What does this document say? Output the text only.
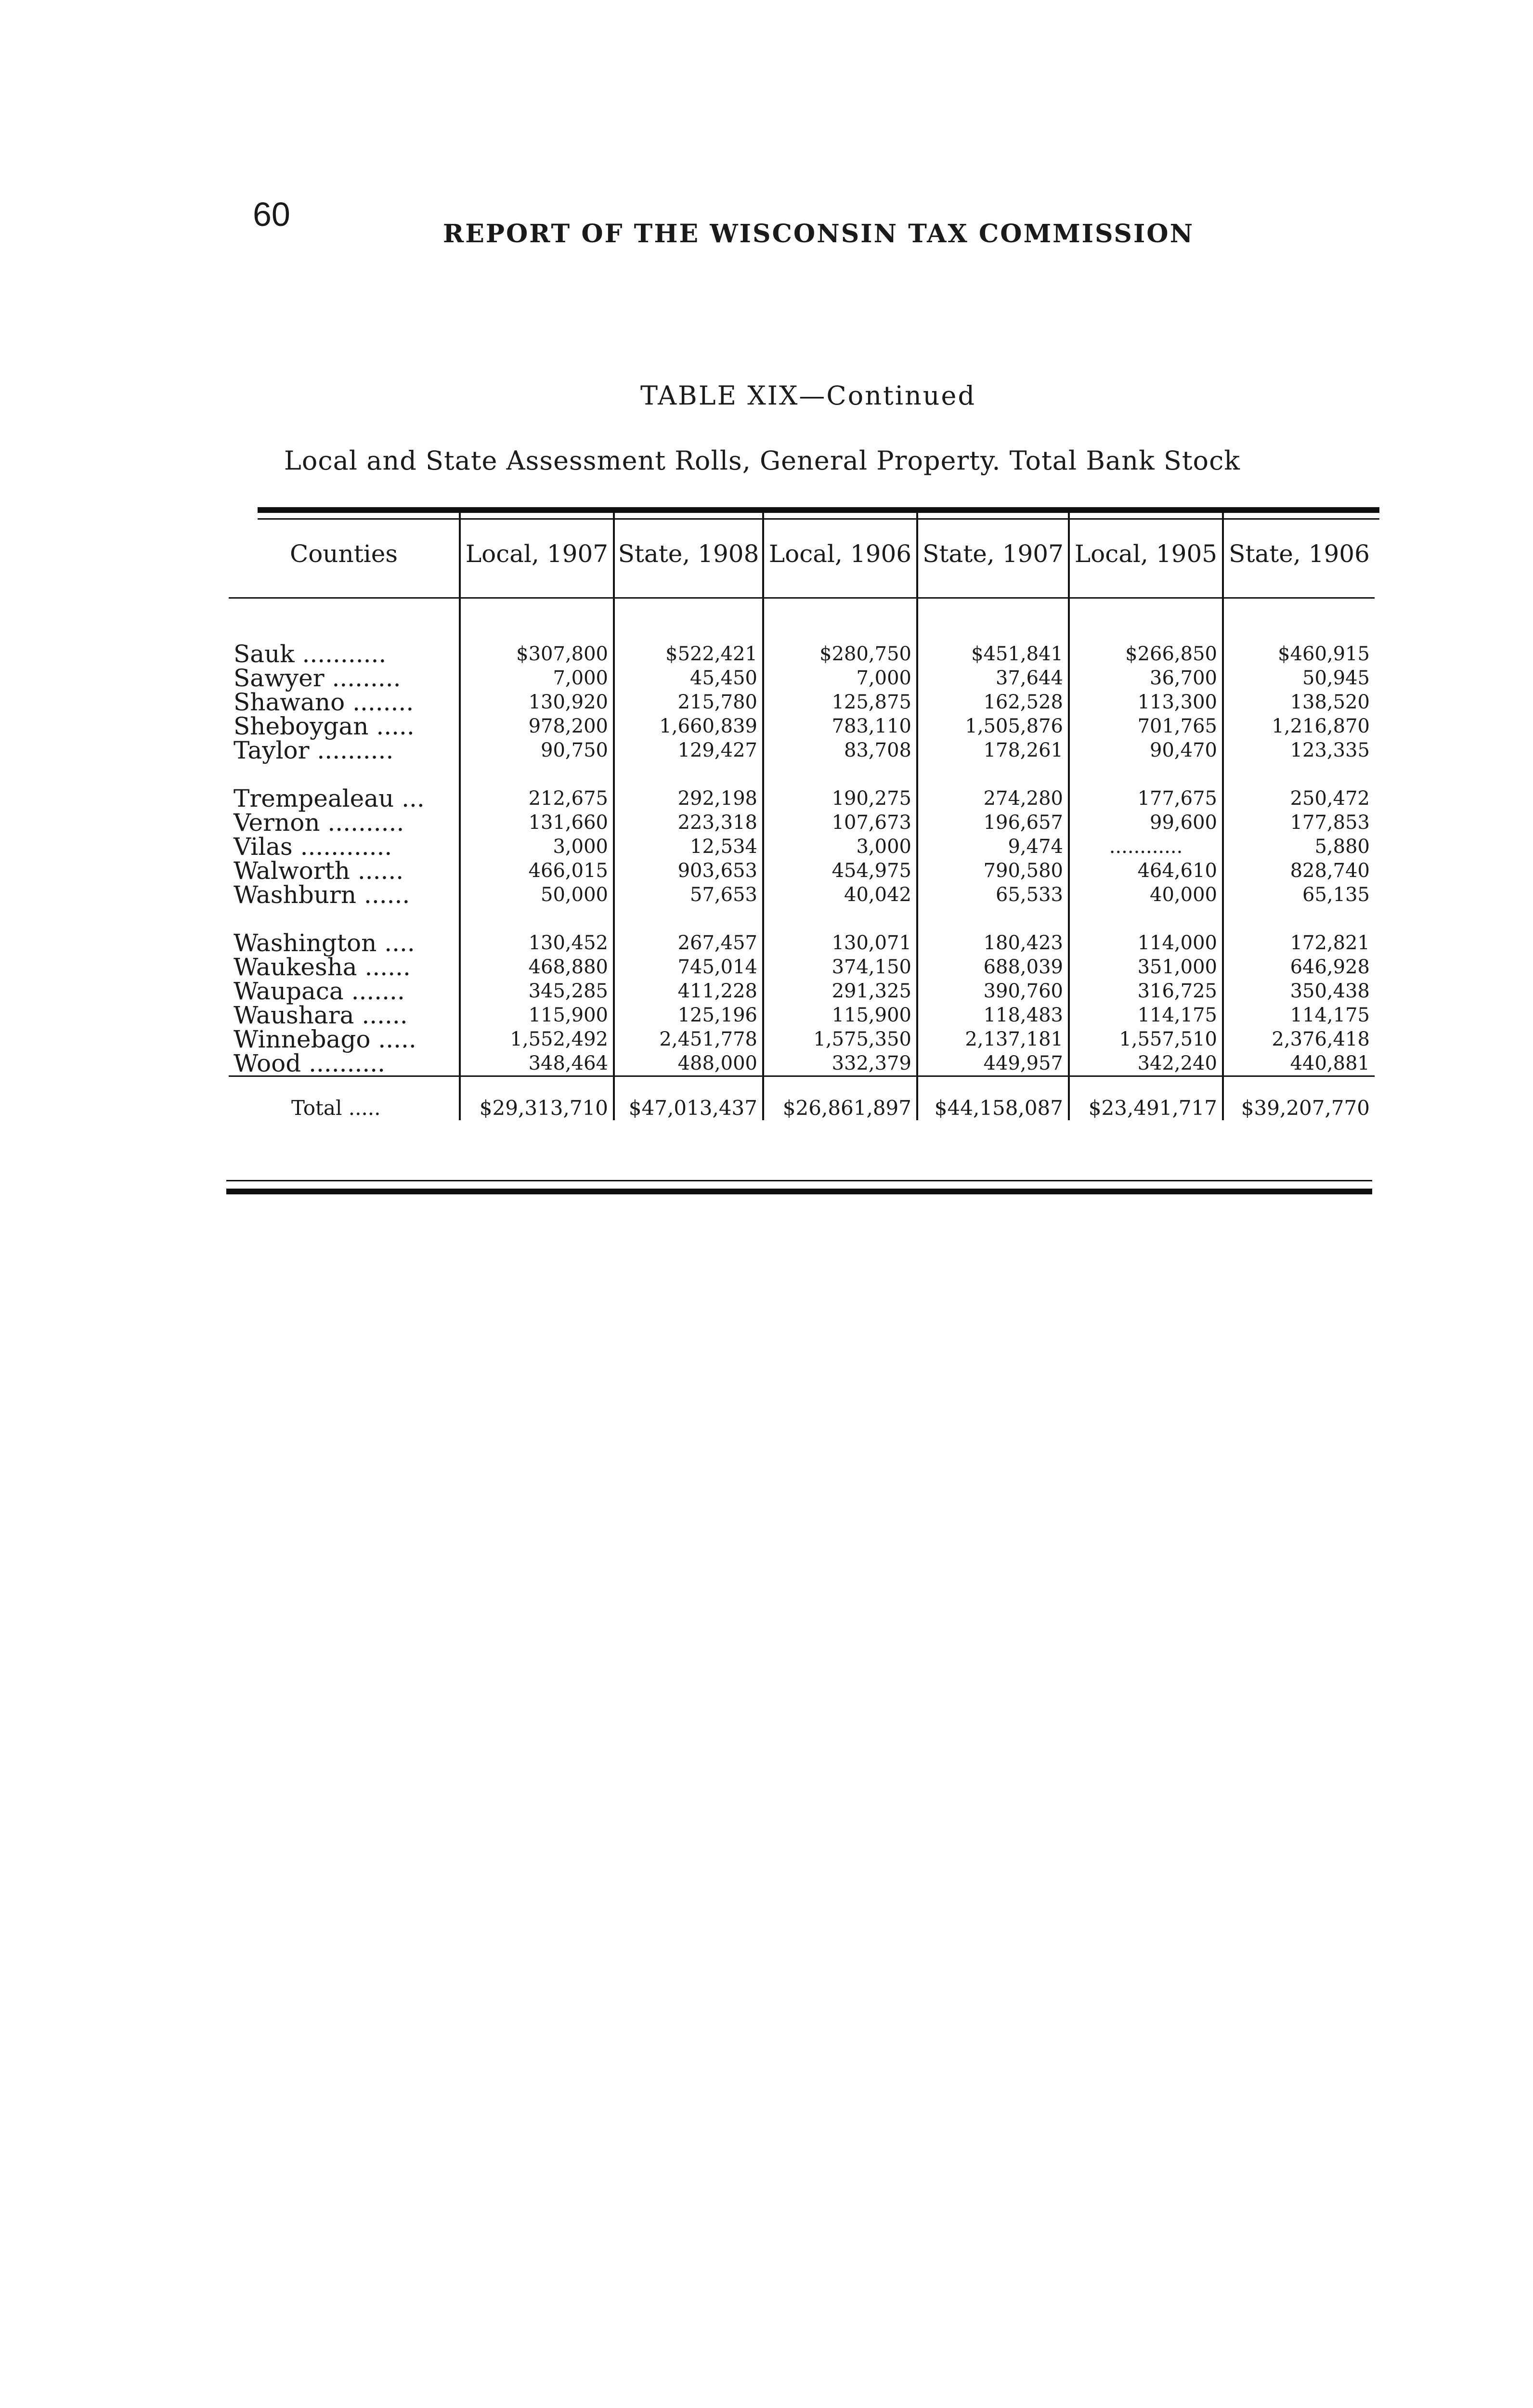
60
REPORT OF THE WISCONSIN TAX COMMISSION
TABLE XIX—Continued
Local and State Assessment Rolls, General Property. Total Bank Stock
Counties	Local, 1907	State, 1908	Local, 1906	State, 1907	Local, 1905	State, 1906
Sauk ...........	$307,800	$522,421	$280,750	$451,841	$266,850	$460,915
Sawyer .........	7,000	45,450	7,000	37,644	36,700	50,945
Shawano ........	130,920	215,780	125,875	162,528	113,300	138,520
Sheboygan .....	978,200	1,660,839	783,110	1,505,876	701,765	1,216,870
Taylor ..........	90,750	129,427	83,708	178,261	90,470	123,335

Trempealeau ...	212,675	292,198	190,275	274,280	177,675	250,472
Vernon ..........	131,660	223,318	107,673	196,657	99,600	177,853
Vilas ............	3,000	12,534	3,000	9,474	............	5,880
Walworth ......	466,015	903,653	454,975	790,580	464,610	828,740
Washburn ......	50,000	57,653	40,042	65,533	40,000	65,135

Washington ....	130,452	267,457	130,071	180,423	114,000	172,821
Waukesha ......	468,880	745,014	374,150	688,039	351,000	646,928
Waupaca .......	345,285	411,228	291,325	390,760	316,725	350,438
Waushara ......	115,900	125,196	115,900	118,483	114,175	114,175
Winnebago .....	1,552,492	2,451,778	1,575,350	2,137,181	1,557,510	2,376,418
Wood ..........	348,464	488,000	332,379	449,957	342,240	440,881
Total .....	$29,313,710	$47,013,437	$26,861,897	$44,158,087	$23,491,717	$39,207,770
